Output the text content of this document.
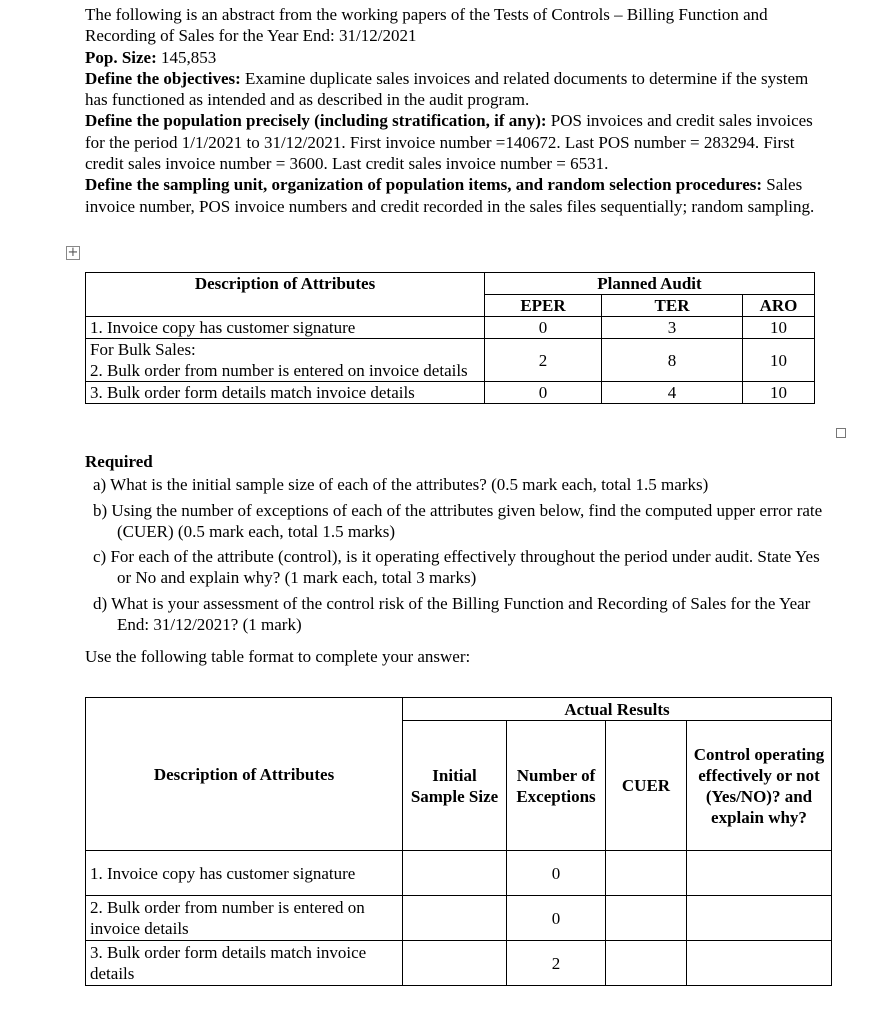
The following is an abstract from the working papers of the Tests of Controls – Billing Function and Recording of Sales for the Year End: 31/12/2021
Pop. Size: 145,853
Define the objectives: Examine duplicate sales invoices and related documents to determine if the system has functioned as intended and as described in the audit program.
Define the population precisely (including stratification, if any): POS invoices and credit sales invoices for the period 1/1/2021 to 31/12/2021. First invoice number =140672. Last POS number = 283294. First credit sales invoice number = 3600. Last credit sales invoice number = 6531.
Define the sampling unit, organization of population items, and random selection procedures: Sales invoice number, POS invoice numbers and credit recorded in the sales files sequentially; random sampling.
+
Description of Attributes	Planned Audit		
	EPER	TER	ARO
1. Invoice copy has customer signature	0	3	10

For Bulk Sales:
2. Bulk order from number is entered on invoice details	2	8	10
3. Bulk order form details match invoice details	0	4	10
Required
a) What is the initial sample size of each of the attributes? (0.5 mark each, total 1.5 marks)
b) Using the number of exceptions of each of the attributes given below, find the computed upper error rate (CUER) (0.5 mark each, total 1.5 marks)
c) For each of the attribute (control), is it operating effectively throughout the period under audit. State Yes or No and explain why? (1 mark each, total 3 marks)
d) What is your assessment of the control risk of the Billing Function and Recording of Sales for the Year End: 31/12/2021? (1 mark)

Use the following table format to complete your answer:

Description of Attributes	Actual Results			
	Initial Sample Size	Number of Exceptions	CUER	Control operating effectively or not (Yes/NO)? and explain why?
1. Invoice copy has customer signature		0		
2. Bulk order from number is entered on invoice details		0		
3. Bulk order form details match invoice details		2		
